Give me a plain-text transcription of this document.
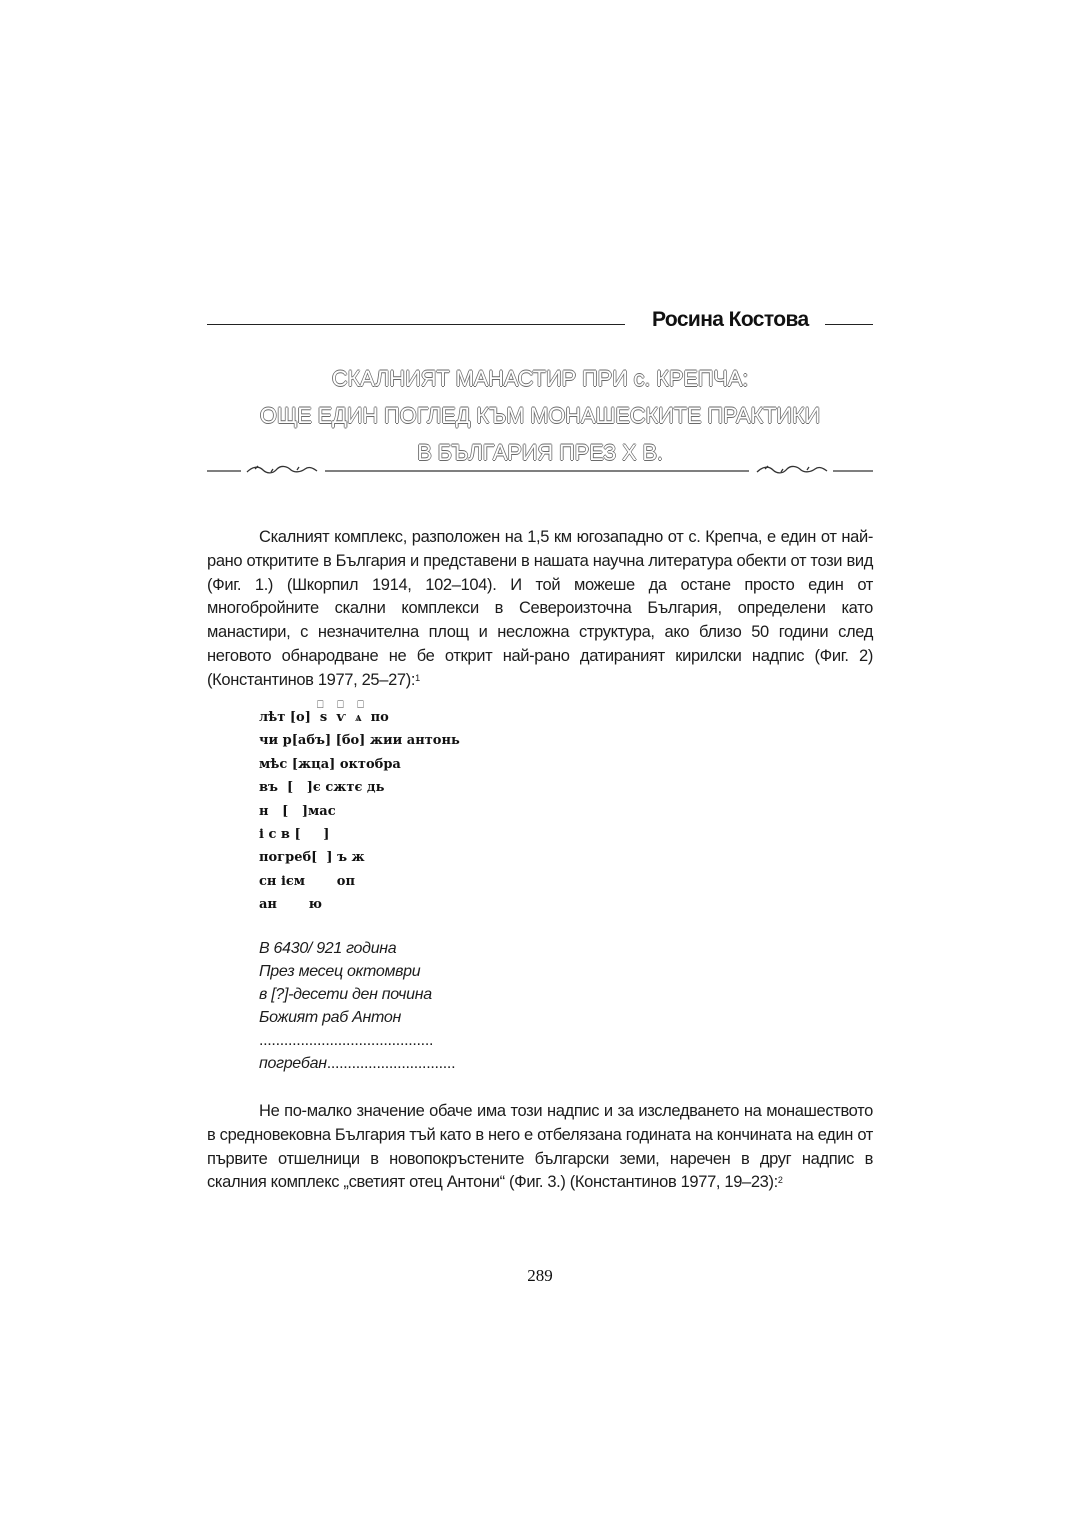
Росина Костова
СКАЛНИЯТ МАНАСТИР ПРИ с. КРЕПЧА:
ОЩЕ ЕДИН ПОГЛЕД КЪМ МОНАШЕСКИТЕ ПРАКТИКИ
В БЪЛГАРИЯ ПРЕЗ Х В.
Скалният комплекс, разположен на 1,5 км югозападно от с. Крепча, е един от най-рано откритите в България и представени в нашата научна литература обекти от този вид (Фиг. 1.) (Шкорпил 1914, 102–104). И той можеше да остане просто един от многобройните скални комплекси в Североизточна България, определени като манастири, с незначителна площ и несложна структура, ако близо 50 години след неговото обнародване не бе открит най-рано датираният кирилски надпис (Фиг. 2) (Константинов 1977, 25–27):$^1$
⎕ ⎕ ⎕
лѣт [о]  ѕ  ѵ  ѧ  по
чи р[абъ] [бо] жии антонь
мѣс [жца] октобра
въ  [   ]є сжтє дь
н   [   ]мас
і с в [     ]
погреб[  ] ъ ж
сн ієм       оп
ан       ю
В 6430/ 921 година
През месец октомври
в [?]-десети ден почина
Божият раб Антон
..........................................
погребан...............................
Не по-малко значение обаче има този надпис и за изследването на монашеството в средновековна България тъй като в него е отбелязана годината на кончината на един от първите отшелници в новопокръстените български земи, наречен в друг надпис в скалния комплекс „светият отец Антони“ (Фиг. 3.) (Константинов 1977, 19–23):$^2$
289
